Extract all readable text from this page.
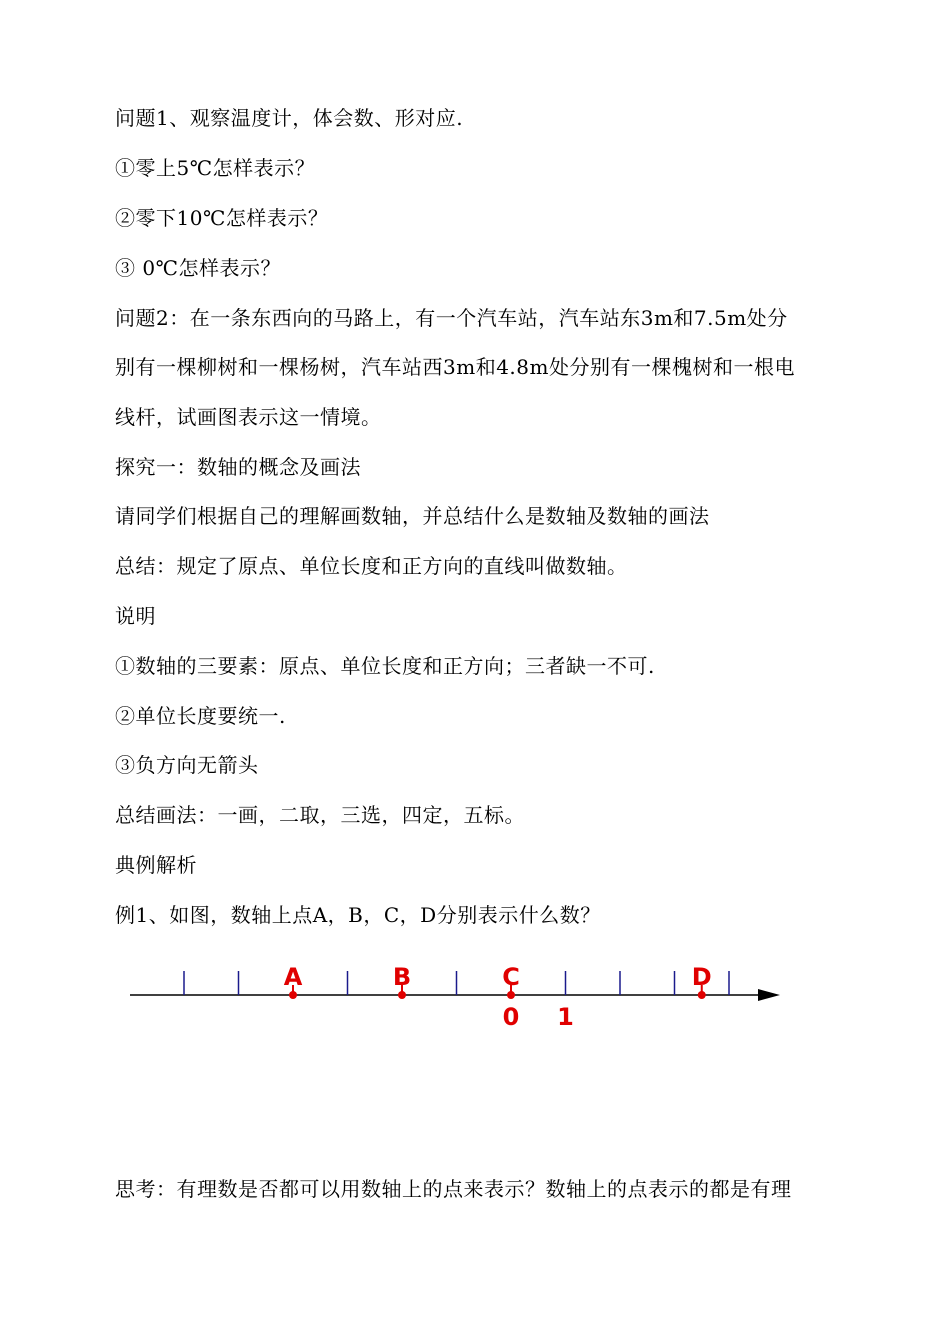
问题1、观察温度计，体会数、形对应.
①零上5℃怎样表示？
②零下10℃怎样表示？
③ 0℃怎样表示？
问题2：在一条东西向的马路上，有一个汽车站，汽车站东3m和7.5m处分
别有一棵柳树和一棵杨树，汽车站西3m和4.8m处分别有一棵槐树和一根电
线杆，试画图表示这一情境。
探究一：数轴的概念及画法
请同学们根据自己的理解画数轴，并总结什么是数轴及数轴的画法
总结：规定了原点、单位长度和正方向的直线叫做数轴。
说明
①数轴的三要素：原点、单位长度和正方向；三者缺一不可.
②单位长度要统一.
③负方向无箭头
总结画法：一画，二取，三选，四定，五标。
典例解析
例1、如图，数轴上点A，B，C，D分别表示什么数？
A	B	C	D
0 1
思考：有理数是否都可以用数轴上的点来表示？数轴上的点表示的都是有理
